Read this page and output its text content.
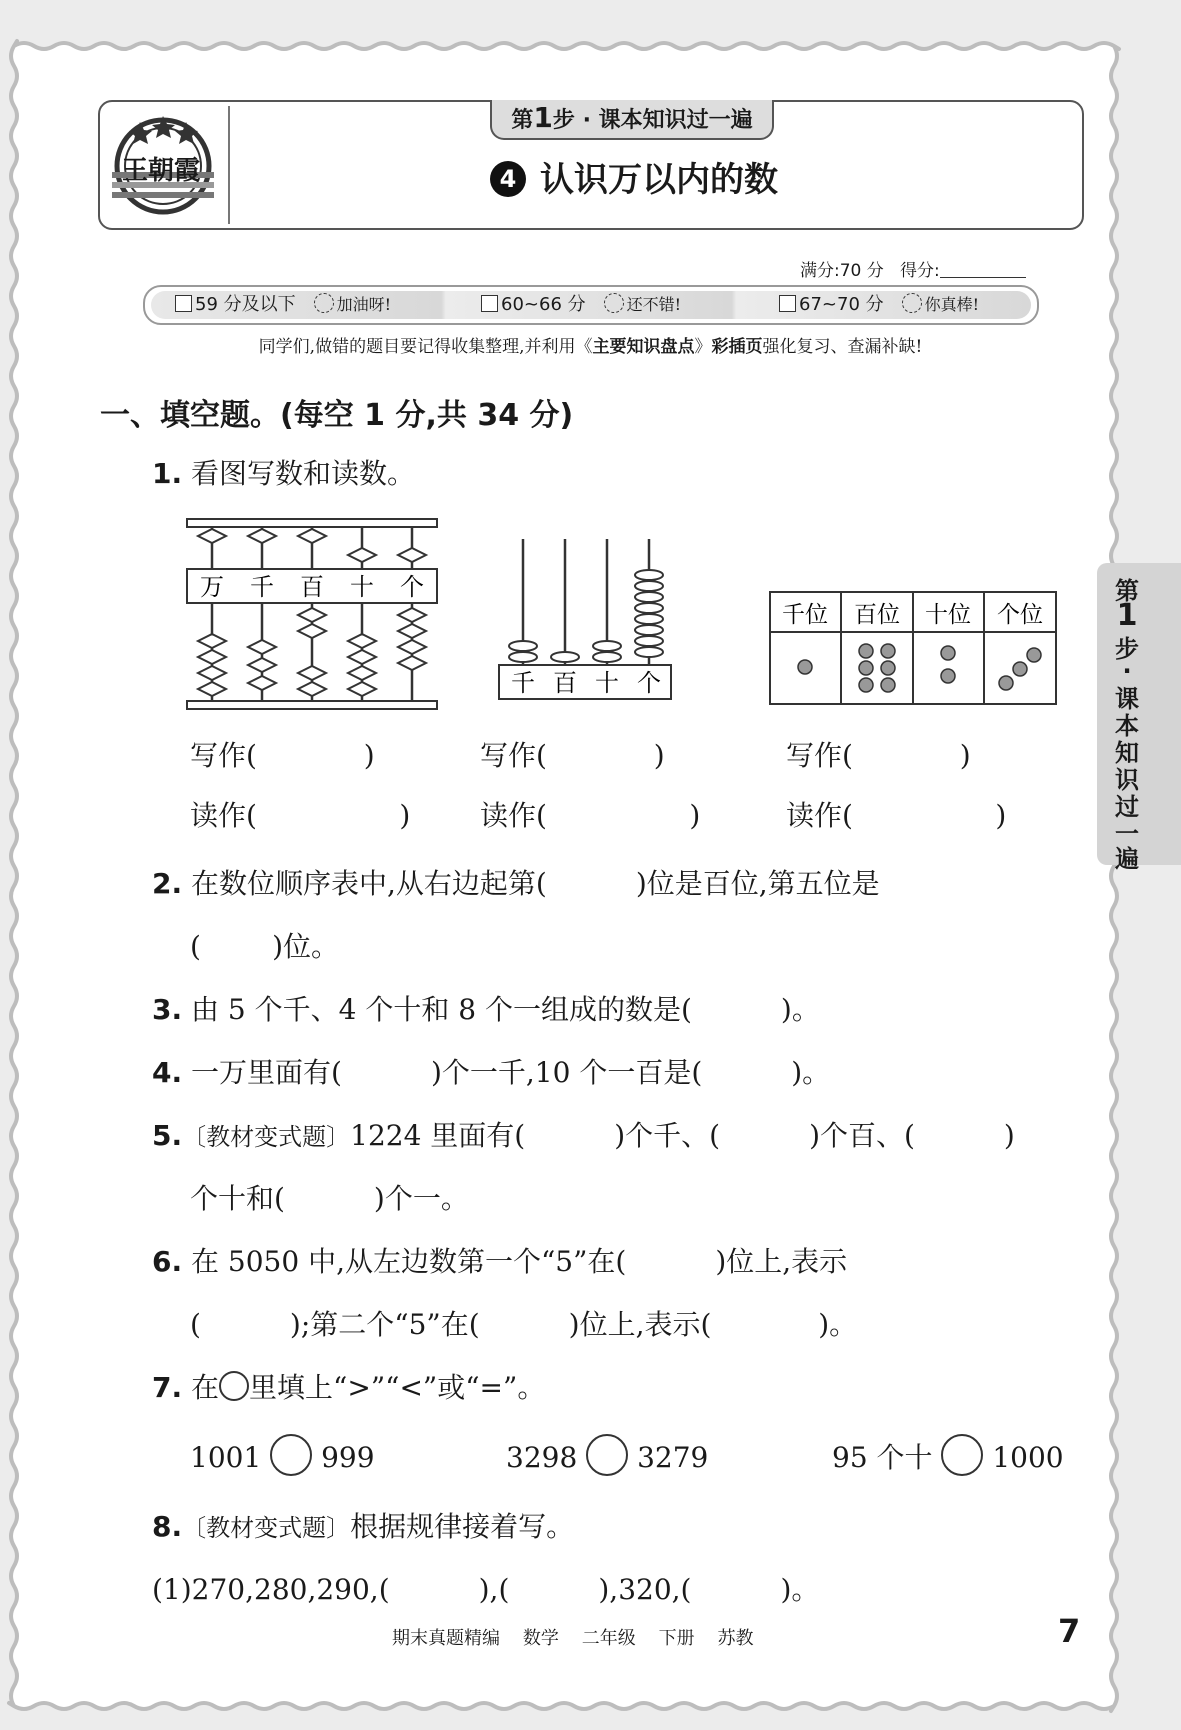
王朝霞
第1步 · 课本知识过一遍
4 认识万以内的数
满分:70 分 得分:
59 分及以下	加油呀!	60~66 分	还不错!	67~70 分	你真棒!
同学们,做错的题目要记得收集整理,并利用《主要知识盘点》彩插页强化复习、查漏补缺!
一、填空题。(每空 1 分,共 34 分)
1. 看图写数和读数。
万 千 百 十 个
千 百 十 个
千位 百位 十位 个位
写作(            )	写作(            )	写作(            )
读作(                ) 读作(                )	读作(                )
2. 在数位顺序表中,从右边起第(          )位是百位,第五位是
(        )位。
3. 由 5 个千、4 个十和 8 个一组成的数是(          )。
4. 一万里面有(          )个一千,10 个一百是(          )。
5.〔教材变式题〕1224 里面有(          )个千、(          )个百、(          )
个十和(          )个一。
6. 在 5050 中,从左边数第一个“5”在(          )位上,表示
(          );第二个“5”在(          )位上,表示(            )。
7. 在 里填上“>”“<”或“=”。
1001 999	3298 3279	95 个十 1000
8.〔教材变式题〕根据规律接着写。
(1)270,280,290,(          ),(          ),320,(          )。
第
1
步
·
课
本
知
识
过
一
遍
期末真题精编    数学    二年级    下册    苏教	7
